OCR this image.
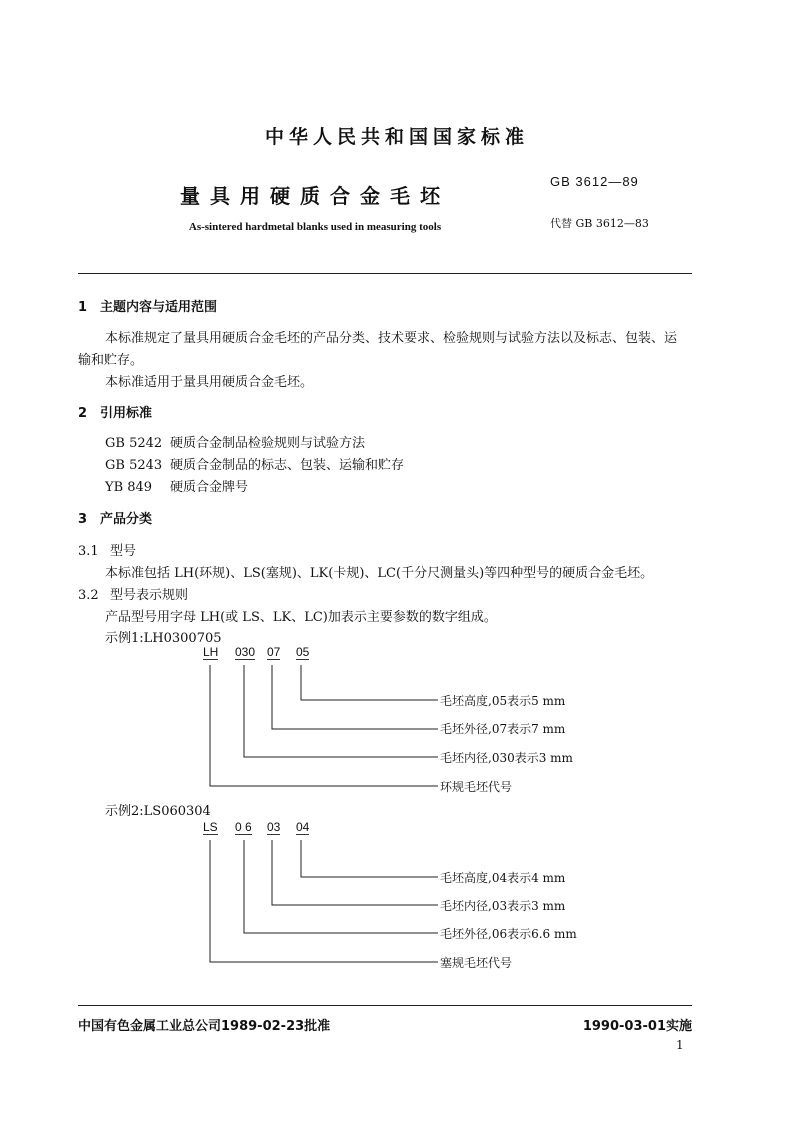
中华人民共和国国家标准
量具用硬质合金毛坯
As-sintered hardmetal blanks used in measuring tools
GB 3612—89
代替 GB 3612—83
1 主题内容与适用范围
本标准规定了量具用硬质合金毛坯的产品分类、技术要求、检验规则与试验方法以及标志、包装、运
输和贮存。
本标准适用于量具用硬质合金毛坯。
2 引用标准
GB 5242 硬质合金制品检验规则与试验方法
GB 5243 硬质合金制品的标志、包装、运输和贮存
YB 849 硬质合金牌号
3 产品分类
3.1 型号
本标准包括 LH(环规)、LS(塞规)、LK(卡规)、LC(千分尺测量头)等四种型号的硬质合金毛坯。
3.2 型号表示规则
产品型号用字母 LH(或 LS、LK、LC)加表示主要参数的数字组成。
示例1:LH0300705
LH 030 07 05
毛坯高度,05表示5 mm
毛坯外径,07表示7 mm
毛坯内径,030表示3 mm
环规毛坯代号
示例2:LS060304
LS 0 6 03 04
毛坯高度,04表示4 mm
毛坯内径,03表示3 mm
毛坯外径,06表示6.6 mm
塞规毛坯代号
中国有色金属工业总公司1989-02-23批准	1990-03-01实施
1
